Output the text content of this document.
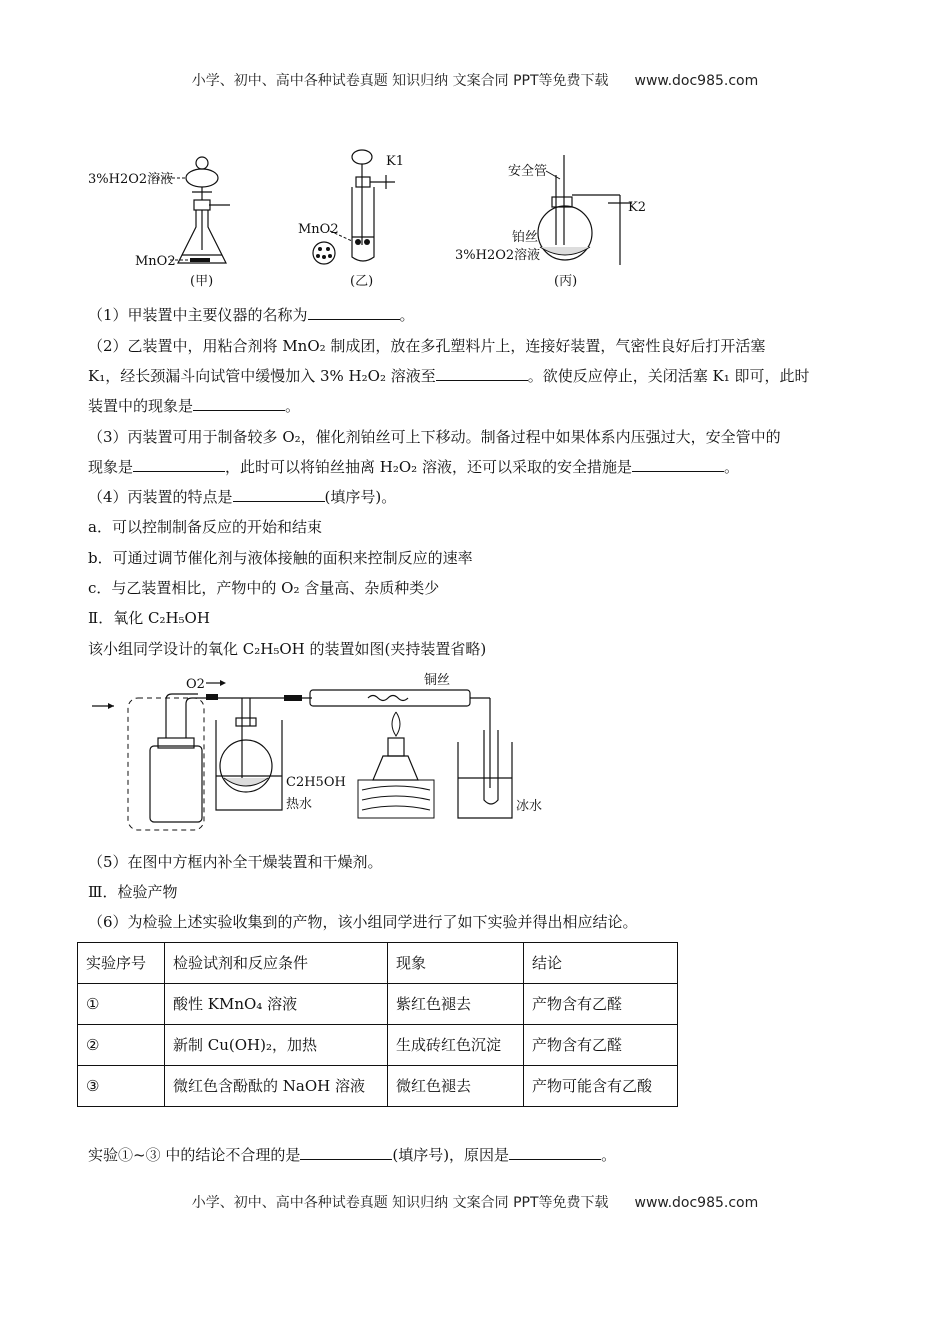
小学、初中、高中各种试卷真题 知识归纳 文案合同 PPT等免费下载 www.doc985.com
3%H2O2溶液
MnO2
(甲)
K1
MnO2
(乙)
安全管
K2
铂丝
3%H2O2溶液
(丙)
（1）甲装置中主要仪器的名称为	。
（2）乙装置中，用粘合剂将 MnO₂ 制成团，放在多孔塑料片上，连接好装置，气密性良好后打开活塞
K₁，经长颈漏斗向试管中缓慢加入 3% H₂O₂ 溶液至	。欲使反应停止，关闭活塞 K₁ 即可，此时
装置中的现象是	。
（3）丙装置可用于制备较多 O₂，催化剂铂丝可上下移动。制备过程中如果体系内压强过大，安全管中的
现象是	，此时可以将铂丝抽离 H₂O₂ 溶液，还可以采取的安全措施是	。
（4）丙装置的特点是	(填序号)。
a．可以控制制备反应的开始和结束
b．可通过调节催化剂与液体接触的面积来控制反应的速率
c．与乙装置相比，产物中的 O₂ 含量高、杂质种类少
Ⅱ．氧化 C₂H₅OH
该小组同学设计的氧化 C₂H₅OH 的装置如图(夹持装置省略)
O2
C2H5OH
热水
铜丝
冰水
（5）在图中方框内补全干燥装置和干燥剂。
Ⅲ．检验产物
（6）为检验上述实验收集到的产物，该小组同学进行了如下实验并得出相应结论。
实验序号	检验试剂和反应条件	现象	结论
①	酸性 KMnO₄ 溶液	紫红色褪去	产物含有乙醛
②	新制 Cu(OH)₂，加热	生成砖红色沉淀	产物含有乙醛
③	微红色含酚酞的 NaOH 溶液	微红色褪去	产物可能含有乙酸
实验①~③ 中的结论不合理的是	(填序号)，原因是	。
小学、初中、高中各种试卷真题 知识归纳 文案合同 PPT等免费下载 www.doc985.com
